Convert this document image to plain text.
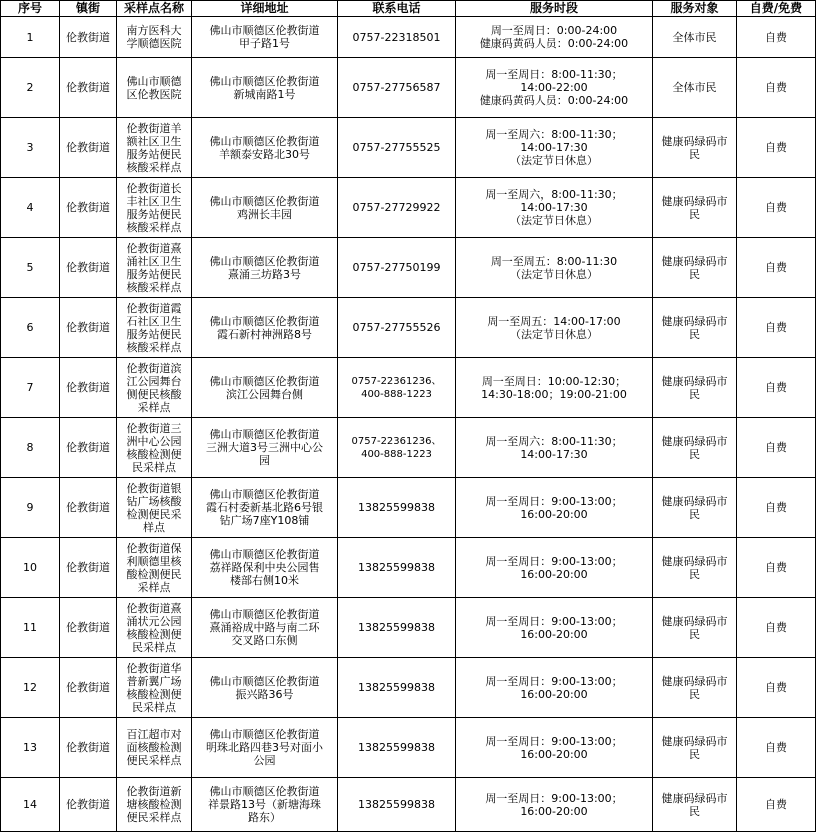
序号	镇街	采样点名称	详细地址	联系电话	服务时段	服务对象	自费/免费
1	伦教街道	南方医科大
学顺德医院	佛山市顺德区伦教街道
甲子路1号	0757-22318501	周一至周日：0:00-24:00
健康码黄码人员：0:00-24:00	全体市民	自费
2	伦教街道	佛山市顺德
区伦教医院	佛山市顺德区伦教街道
新城南路1号	0757-27756587	周一至周日：8:00-11:30；
14:00-22:00
健康码黄码人员：0:00-24:00	全体市民	自费
3	伦教街道	伦教街道羊
额社区卫生
服务站便民
核酸采样点	佛山市顺德区伦教街道
羊额泰安路北30号	0757-27755525	周一至周六：8:00-11:30；
14:00-17:30
（法定节日休息）	健康码绿码市
民	自费
4	伦教街道	伦教街道长
丰社区卫生
服务站便民
核酸采样点	佛山市顺德区伦教街道
鸡洲长丰园	0757-27729922	周一至周六，8:00-11:30；
14:00-17:30
（法定节日休息）	健康码绿码市
民	自费
5	伦教街道	伦教街道熹
涌社区卫生
服务站便民
核酸采样点	佛山市顺德区伦教街道
熹涌三坊路3号	0757-27750199	周一至周五：8:00-11:30
（法定节日休息）	健康码绿码市
民	自费
6	伦教街道	伦教街道霞
石社区卫生
服务站便民
核酸采样点	佛山市顺德区伦教街道
霞石新村神洲路8号	0757-27755526	周一至周五：14:00-17:00
（法定节日休息）	健康码绿码市
民	自费
7	伦教街道	伦教街道滨
江公园舞台
侧便民核酸
采样点	佛山市顺德区伦教街道
滨江公园舞台侧	0757-22361236、
400-888-1223	周一至周日：10:00-12:30；
14:30-18:00；19:00-21:00	健康码绿码市
民	自费
8	伦教街道	伦教街道三
洲中心公园
核酸检测便
民采样点	佛山市顺德区伦教街道
三洲大道3号三洲中心公
园	0757-22361236、
400-888-1223	周一至周六：8:00-11:30；
14:00-17:30	健康码绿码市
民	自费
9	伦教街道	伦教街道银
钻广场核酸
检测便民采
样点	佛山市顺德区伦教街道
霞石村委新基北路6号银
钻广场7座Y108铺	13825599838	周一至周日：9:00-13:00；
16:00-20:00	健康码绿码市
民	自费
10	伦教街道	伦教街道保
利顺德里核
酸检测便民
采样点	佛山市顺德区伦教街道
荔祥路保利中央公园售
楼部右侧10米	13825599838	周一至周日：9:00-13:00；
16:00-20:00	健康码绿码市
民	自费
11	伦教街道	伦教街道熹
涌状元公园
核酸检测便
民采样点	佛山市顺德区伦教街道
熹涌裕成中路与南二环
交叉路口东侧	13825599838	周一至周日：9:00-13:00；
16:00-20:00	健康码绿码市
民	自费
12	伦教街道	伦教街道华
普新翼广场
核酸检测便
民采样点	佛山市顺德区伦教街道
振兴路36号	13825599838	周一至周日：9:00-13:00；
16:00-20:00	健康码绿码市
民	自费
13	伦教街道	百江超市对
面核酸检测
便民采样点	佛山市顺德区伦教街道
明珠北路四巷3号对面小
公园	13825599838	周一至周日：9:00-13:00；
16:00-20:00	健康码绿码市
民	自费
14	伦教街道	伦教街道新
塘核酸检测
便民采样点	佛山市顺德区伦教街道
祥景路13号（新塘海珠
路东）	13825599838	周一至周日：9:00-13:00；
16:00-20:00	健康码绿码市
民	自费
